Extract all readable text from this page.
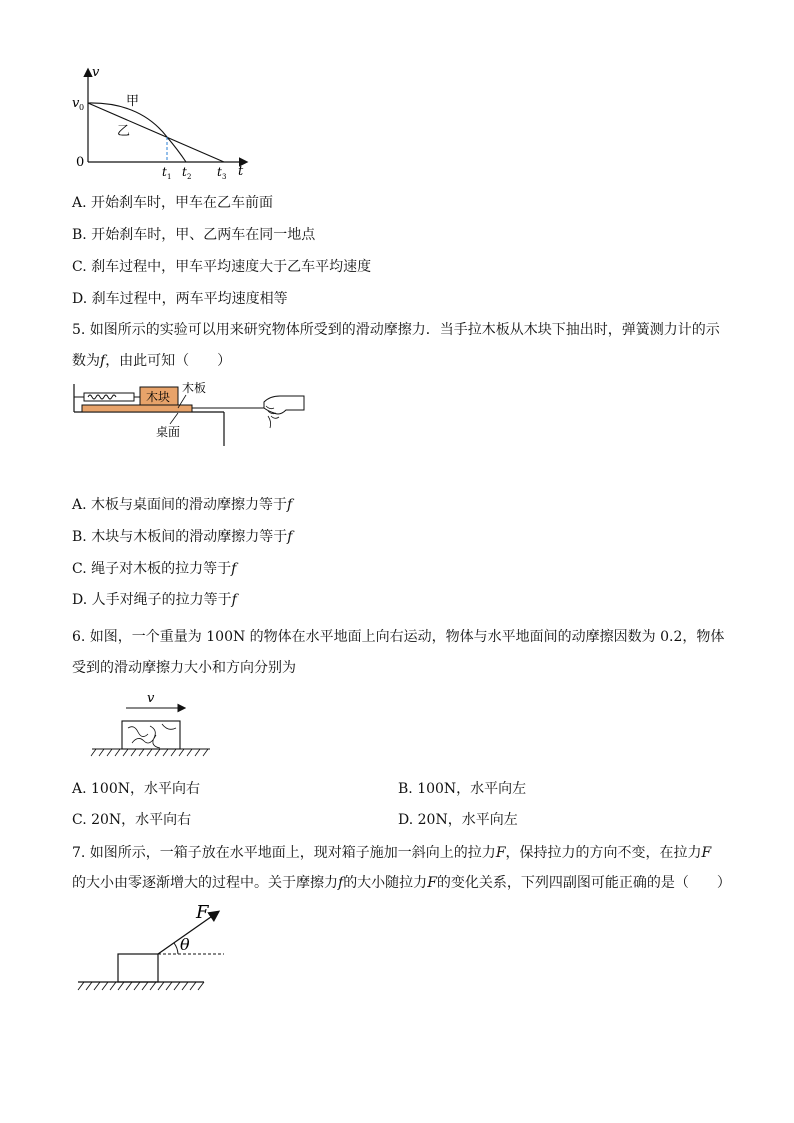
v
v 0	甲
乙
0
t
t 1 t 2 t 3
A. 开始刹车时，甲车在乙车前面
B. 开始刹车时，甲、乙两车在同一地点
C. 刹车过程中，甲车平均速度大于乙车平均速度
D. 刹车过程中，两车平均速度相等
5. 如图所示的实验可以用来研究物体所受到的滑动摩擦力．当手拉木板从木块下抽出时，弹簧测力计的示
数为f，由此可知（　　）
木块
木板
桌面
A. 木板与桌面间的滑动摩擦力等于f
B. 木块与木板间的滑动摩擦力等于f
C. 绳子对木板的拉力等于f
D. 人手对绳子的拉力等于f
6. 如图，一个重量为 100N 的物体在水平地面上向右运动，物体与水平地面间的动摩擦因数为 0.2，物体
受到的滑动摩擦力大小和方向分别为
v
A. 100N，水平向右	B. 100N，水平向左
C. 20N，水平向右	D. 20N，水平向左
7. 如图所示，一箱子放在水平地面上，现对箱子施加一斜向上的拉力F，保持拉力的方向不变，在拉力F
的大小由零逐渐增大的过程中。关于摩擦力f的大小随拉力F的变化关系，下列四副图可能正确的是（　　）
F
θ
